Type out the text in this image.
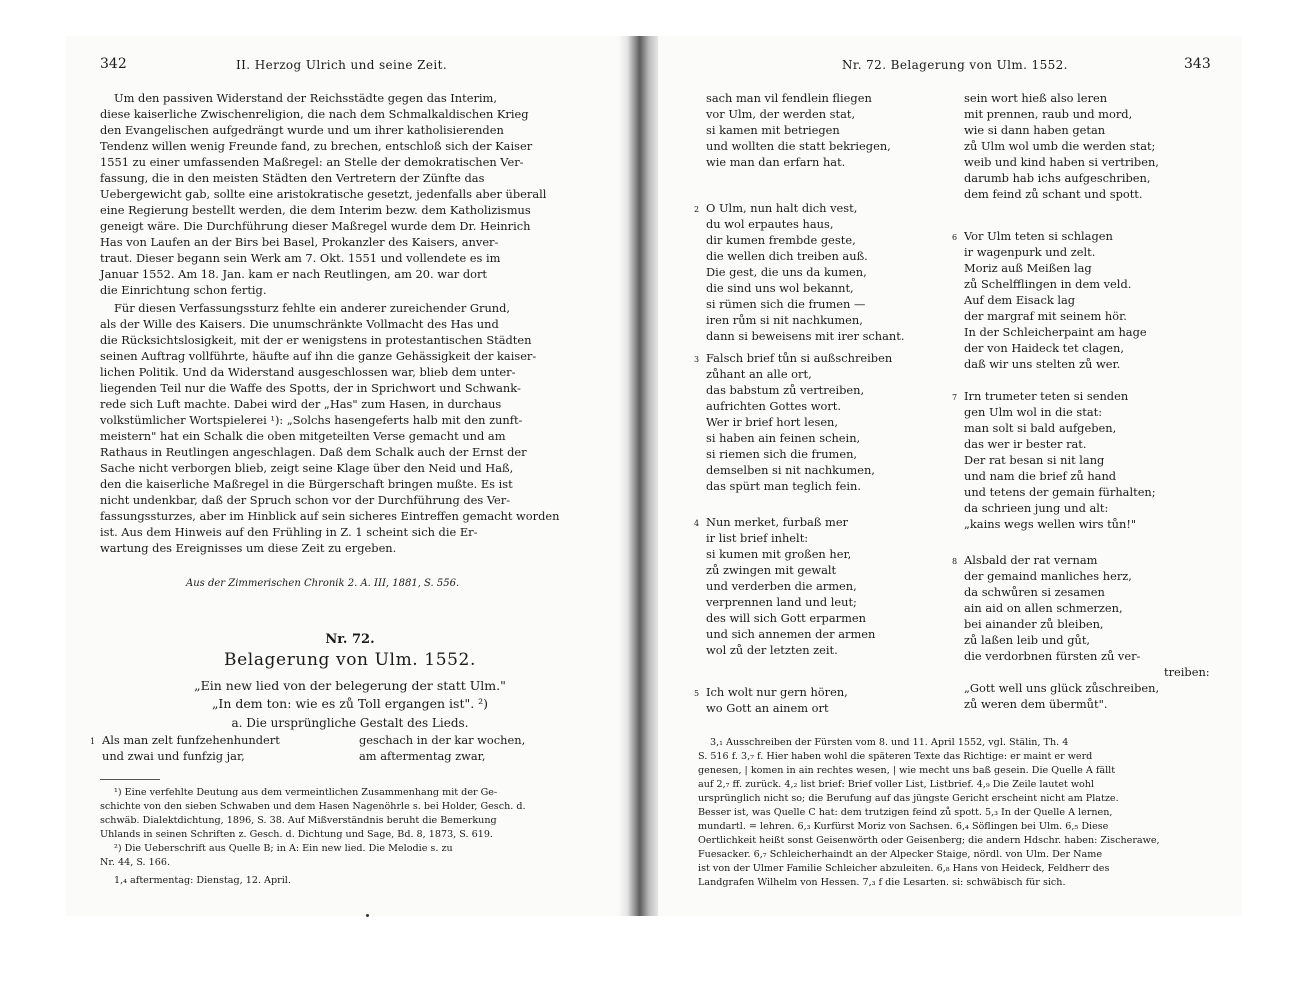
342	II. Herzog Ulrich und seine Zeit.
Um den passiven Widerstand der Reichsstädte gegen das Interim,
diese kaiserliche Zwischenreligion, die nach dem Schmalkaldischen Krieg
den Evangelischen aufgedrängt wurde und um ihrer katholisierenden
Tendenz willen wenig Freunde fand, zu brechen, entschloß sich der Kaiser
1551 zu einer umfassenden Maßregel: an Stelle der demokratischen Ver-
fassung, die in den meisten Städten den Vertretern der Zünfte das
Uebergewicht gab, sollte eine aristokratische gesetzt, jedenfalls aber überall
eine Regierung bestellt werden, die dem Interim bezw. dem Katholizismus
geneigt wäre. Die Durchführung dieser Maßregel wurde dem Dr. Heinrich
Has von Laufen an der Birs bei Basel, Prokanzler des Kaisers, anver-
traut. Dieser begann sein Werk am 7. Okt. 1551 und vollendete es im
Januar 1552. Am 18. Jan. kam er nach Reutlingen, am 20. war dort
die Einrichtung schon fertig.
Für diesen Verfassungssturz fehlte ein anderer zureichender Grund,
als der Wille des Kaisers. Die unumschränkte Vollmacht des Has und
die Rücksichtslosigkeit, mit der er wenigstens in protestantischen Städten
seinen Auftrag vollführte, häufte auf ihn die ganze Gehässigkeit der kaiser-
lichen Politik. Und da Widerstand ausgeschlossen war, blieb dem unter-
liegenden Teil nur die Waffe des Spotts, der in Sprichwort und Schwank-
rede sich Luft machte. Dabei wird der „Has" zum Hasen, in durchaus
volkstümlicher Wortspielerei ¹): „Solchs hasengeferts halb mit den zunft-
meistern" hat ein Schalk die oben mitgeteilten Verse gemacht und am
Rathaus in Reutlingen angeschlagen. Daß dem Schalk auch der Ernst der
Sache nicht verborgen blieb, zeigt seine Klage über den Neid und Haß,
den die kaiserliche Maßregel in die Bürgerschaft bringen mußte. Es ist
nicht undenkbar, daß der Spruch schon vor der Durchführung des Ver-
fassungssturzes, aber im Hinblick auf sein sicheres Eintreffen gemacht worden
ist. Aus dem Hinweis auf den Frühling in Z. 1 scheint sich die Er-
wartung des Ereignisses um diese Zeit zu ergeben.
Aus der Zimmerischen Chronik 2. A. III, 1881, S. 556.
Nr. 72.
Belagerung von Ulm. 1552.
„Ein new lied von der belegerung der statt Ulm."
„In dem ton: wie es zů Toll ergangen ist". ²)
a. Die ursprüngliche Gestalt des Lieds.
1 Als man zelt funfzehenhundert
und zwai und funfzig jar,
geschach in der kar wochen,
am aftermentag zwar,
¹) Eine verfehlte Deutung aus dem vermeintlichen Zusammenhang mit der Ge-
schichte von den sieben Schwaben und dem Hasen Nagenöhrle s. bei Holder, Gesch. d.
schwäb. Dialektdichtung, 1896, S. 38. Auf Mißverständnis beruht die Bemerkung
Uhlands in seinen Schriften z. Gesch. d. Dichtung und Sage, Bd. 8, 1873, S. 619.
²) Die Ueberschrift aus Quelle B; in A: Ein new lied. Die Melodie s. zu
Nr. 44, S. 166.
1,₄ aftermentag: Dienstag, 12. April.
Nr. 72. Belagerung von Ulm. 1552.	343
sach man vil fendlein fliegen
vor Ulm, der werden stat,
si kamen mit betriegen
und wollten die statt bekriegen,
wie man dan erfarn hat.
2 O Ulm, nun halt dich vest,
du wol erpautes haus,
dir kumen frembde geste,
die wellen dich treiben auß.
Die gest, die uns da kumen,
die sind uns wol bekannt,
si rümen sich die frumen —
iren rům si nit nachkumen,
dann si beweisens mit irer schant.
3 Falsch brief tůn si außschreiben
zůhant an alle ort,
das babstum zů vertreiben,
aufrichten Gottes wort.
Wer ir brief hort lesen,
si haben ain feinen schein,
si riemen sich die frumen,
demselben si nit nachkumen,
das spürt man teglich fein.
4 Nun merket, furbaß mer
ir list brief inhelt:
si kumen mit großen her,
zů zwingen mit gewalt
und verderben die armen,
verprennen land und leut;
des will sich Gott erparmen
und sich annemen der armen
wol zů der letzten zeit.
5 Ich wolt nur gern hören,
wo Gott an ainem ort
sein wort hieß also leren
mit prennen, raub und mord,
wie si dann haben getan
zů Ulm wol umb die werden stat;
weib und kind haben si vertriben,
darumb hab ichs aufgeschriben,
dem feind zů schant und spott.
6 Vor Ulm teten si schlagen
ir wagenpurk und zelt.
Moriz auß Meißen lag
zů Schelfflingen in dem veld.
Auf dem Eisack lag
der margraf mit seinem hör.
In der Schleicherpaint am hage
der von Haideck tet clagen,
daß wir uns stelten zů wer.
7 Irn trumeter teten si senden
gen Ulm wol in die stat:
man solt si bald aufgeben,
das wer ir bester rat.
Der rat besan si nit lang
und nam die brief zů hand
und tetens der gemain fürhalten;
da schrieen jung und alt:
„kains wegs wellen wirs tůn!"
8 Alsbald der rat vernam
der gemaind manliches herz,
da schwůren si zesamen
ain aid on allen schmerzen,
bei ainander zů bleiben,
zů laßen leib und gůt,
die verdorbnen fürsten zů ver-
treiben:
„Gott well uns glück zůschreiben,
zů weren dem übermůt".
3,₁ Ausschreiben der Fürsten vom 8. und 11. April 1552, vgl. Stälin, Th. 4
S. 516 f. 3,₇ f. Hier haben wohl die späteren Texte das Richtige: er maint er werd
genesen, | komen in ain rechtes wesen, | wie mecht uns baß gesein. Die Quelle A fällt
auf 2,₇ ff. zurück. 4,₂ list brief: Brief voller List, Listbrief. 4,₉ Die Zeile lautet wohl
ursprünglich nicht so; die Berufung auf das jüngste Gericht erscheint nicht am Platze.
Besser ist, was Quelle C hat: dem trutzigen feind zů spott. 5,₃ In der Quelle A lernen,
mundartl. = lehren. 6,₃ Kurfürst Moriz von Sachsen. 6,₄ Söflingen bei Ulm. 6,₅ Diese
Oertlichkeit heißt sonst Geisenwörth oder Geisenberg; die andern Hdschr. haben: Zischerawe,
Fuesacker. 6,₇ Schleicherhaindt an der Alpecker Staige, nördl. von Ulm. Der Name
ist von der Ulmer Familie Schleicher abzuleiten. 6,₈ Hans von Heideck, Feldherr des
Landgrafen Wilhelm von Hessen. 7,₃ f die Lesarten. si: schwäbisch für sich.
